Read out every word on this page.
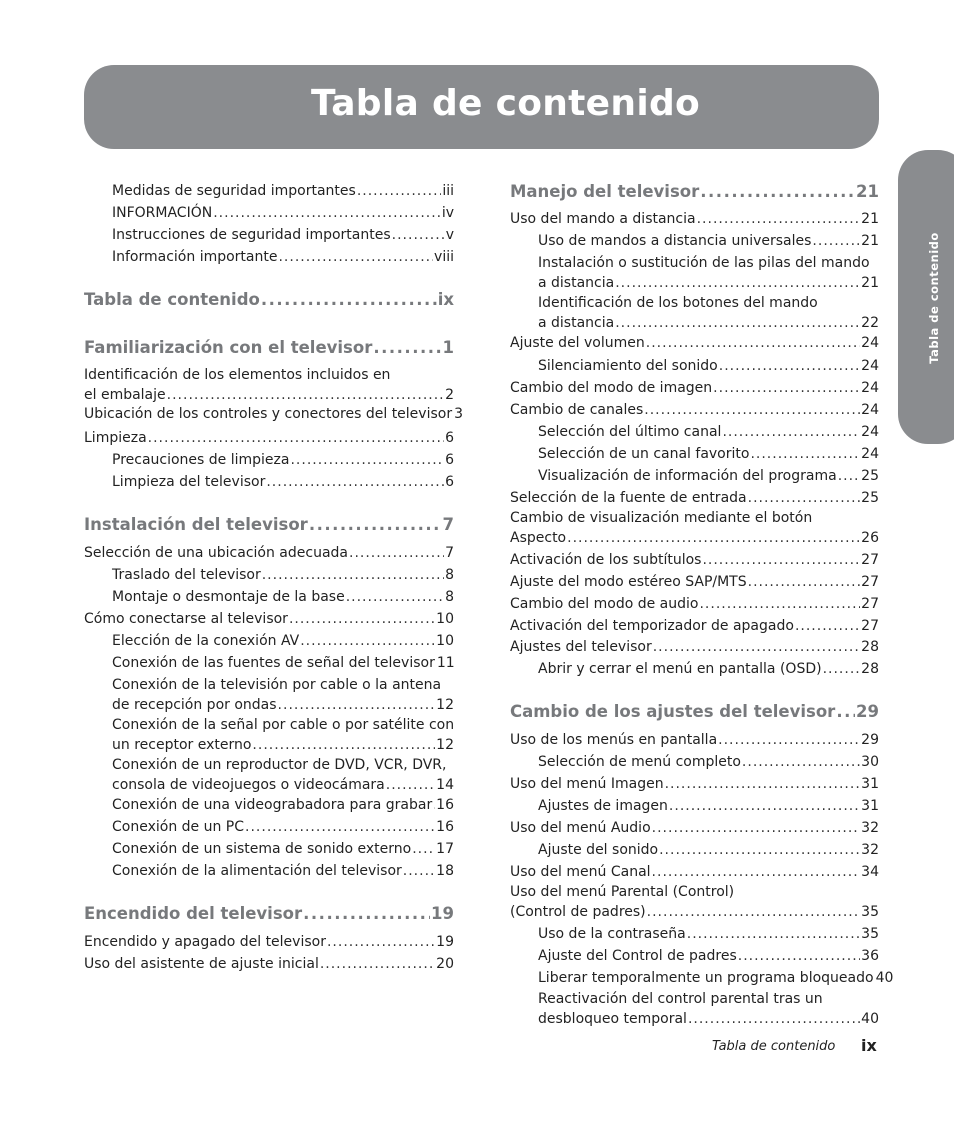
Tabla de contenido
Tabla de contenido
Medidas de seguridad importantes .....	iii
INFORMACIÓN .....	iv
Instrucciones de seguridad importantes .....	v
Información importante .....	viii
Tabla de contenido .....	ix
Familiarización con el televisor .....	1
Identificación de los elementos incluidos en
el embalaje .....	2
Ubicación de los controles y conectores del televisor 3
Limpieza .....	6
Precauciones de limpieza .....	6
Limpieza del televisor .....	6
Instalación del televisor .....	7
Selección de una ubicación adecuada .....	7
Traslado del televisor .....	8
Montaje o desmontaje de la base .....	8
Cómo conectarse al televisor .....	10
Elección de la conexión AV .....	10
Conexión de las fuentes de señal del televisor 11
Conexión de la televisión por cable o la antena
de recepción por ondas .....	12
Conexión de la señal por cable o por satélite con
un receptor externo .....	12
Conexión de un reproductor de DVD, VCR, DVR,
consola de videojuegos o videocámara .....	14
Conexión de una videograbadora para grabar ..... 16
Conexión de un PC .....	16
Conexión de un sistema de sonido externo ..... 17
Conexión de la alimentación del televisor ..... 18
Encendido del televisor .....	19
Encendido y apagado del televisor .....	19
Uso del asistente de ajuste inicial .....	20
Manejo del televisor .....	21
Uso del mando a distancia .....	21
Uso de mandos a distancia universales .....	21
Instalación o sustitución de las pilas del mando
a distancia .....	21
Identificación de los botones del mando
a distancia .....	22
Ajuste del volumen .....	24
Silenciamiento del sonido .....	24
Cambio del modo de imagen .....	24
Cambio de canales .....	24
Selección del último canal .....	24
Selección de un canal favorito .....	24
Visualización de información del programa ..... 25
Selección de la fuente de entrada .....	25
Cambio de visualización mediante el botón
Aspecto .....	26
Activación de los subtítulos .....	27
Ajuste del modo estéreo SAP/MTS .....	27
Cambio del modo de audio .....	27
Activación del temporizador de apagado .....	27
Ajustes del televisor .....	28
Abrir y cerrar el menú en pantalla (OSD) .....	28
Cambio de los ajustes del televisor ..... 29
Uso de los menús en pantalla .....	29
Selección de menú completo .....	30
Uso del menú Imagen .....	31
Ajustes de imagen .....	31
Uso del menú Audio .....	32
Ajuste del sonido .....	32
Uso del menú Canal .....	34
Uso del menú Parental (Control)
(Control de padres) .....	35
Uso de la contraseña .....	35
Ajuste del Control de padres .....	36
Liberar temporalmente un programa bloqueado 40
Reactivación del control parental tras un
desbloqueo temporal .....	40
Tabla de contenido ix
